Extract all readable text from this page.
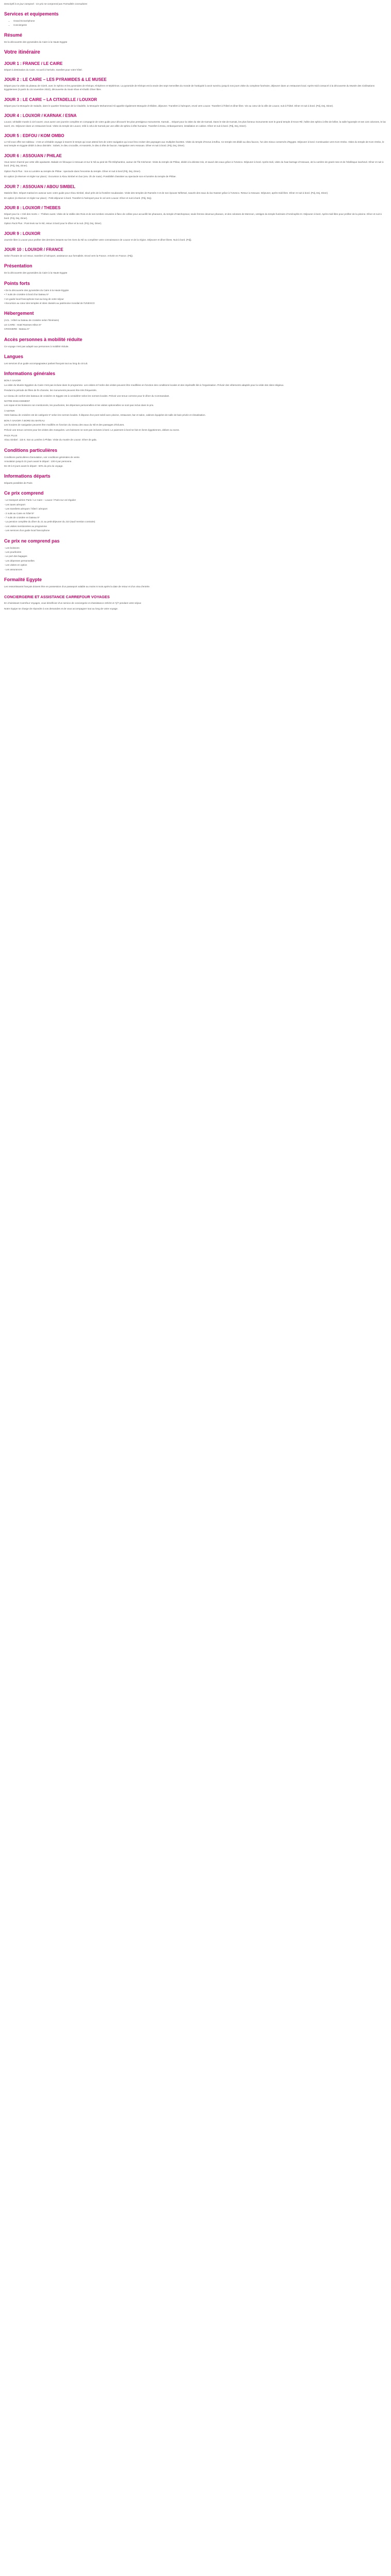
Descriptif à ce jour composé : Ce prix ne comprend pas Formalités Consulaires
Services et equipements
• Grand Ecran/Iphone
• Conciergerie
Résumé
De la découverte des pyramides du Caire à la Haute Egypte
Votre itinéraire
JOUR 1 : FRANCE / LE CAIRE
Départ à destination du Caire. Accueil à l'arrivée, transfert pour votre hôtel.
JOUR 2 : LE CAIRE – LES PYRAMIDES & LE MUSEE
Départ pour la visite du plateau de Gizeh, avec le Sphinx et les pyramides de Khéops, Khéphren et Mykérinos. La pyramide de Khéops est la seule des sept merveilles du monde de l'antiquité à avoir survécu jusqu'à nos jours visite du complexe funéraire, déjeuner dans un restaurant local. Après-midi consacré à la découverte du Musée des Civilisations Egyptiennes (à partir du 15 novembre 2022), découverte du Souk Khan el Khalili. Dîner libre.
JOUR 3 : LE CAIRE – LA CITADELLE / LOUXOR
Départ pour la Mosquée de Saladin, dans le quartier historique de la Citadelle, la Mosquée Mohammed Ali appelée également Mosquée d'Albâtre, déjeuner. Transfert à l'aéroport, envol vers Louxor. Transfert à l'hôtel et dîner libre. Vie au cœur de la ville de Louxor, nuit à l'hôtel. Dîner et nuit à bord. (Pdj, Dej, Diner).
JOUR 4 : LOUXOR / KARNAK / ESNA
Louxor, véritable musée à ciel ouvert, vous aurez une journée complète en compagnie de votre guide pour découvrir les plus prestigieux monuments. Karnak… Départ pour la visite du site de Karnak. Dans le site de Karnak, les plus fameux monuments sont le grand temple d'Amon-Rê, l'allée des sphinx à tête de bélier, la salle hypostyle et ses 134 colonnes, le lac sacré, etc. Déjeuner dans un restaurant local. Visite du temple de Louxor, relié à celui de Karnak par une allée de sphinx à tête humaine. Transfert à Esna, embarquement, installation en cabine. Dîner et nuit à bord. (Pdj, Dej, Diner).
JOUR 5 : EDFOU / KOM OMBO
Le Nil vous offre son tableau : c'est un véritable voyage à travers le temps qui vous attend lors de votre navigation qui vous fera croiser des paysages aux multiples facettes. Visite du temple d'Horus à Edfou. Ce temple est dédié au dieu faucon, l'un des mieux conservés d'Egypte. Déjeuner à bord. Continuation vers Kom Ombo. Visite du temple de Kom Ombo, le seul temple en Egypte dédié à deux divinités : Sobek, le dieu crocodile, et Haroëris, le dieu à tête de faucon. Navigation vers Assouan. Dîner et nuit à bord. (Pdj, Dej, Diner).
JOUR 6 : ASSOUAN / PHILAE
Vous serez charmé par cette ville apaisante. Balade en felouque à Assouan et sur le Nil au pied de l'île Eléphantine, autour de l'île Kitchener. Visite du temple de Philae, dédié à la déesse Isis, et sauvé des eaux grâce à l'Unesco. Déjeuner à bord. Après-midi, visite du haut barrage d'Assouan, de la carrière de granit rose et de l'obélisque inachevé. Dîner et nuit à bord. (Pdj, Dej, Diner).
Option Pack Plus : Son & Lumière au temple de Philae : spectacle dans l'enceinte du temple. Dîner et nuit à bord (Pdj, Dej, Diner).
En option (à réserver et régler sur place) : Excursion à Abou Simbel en bus (env. 3h de route). Possibilité d'assister au spectacle son et lumière du temple de Philae.
JOUR 7 : ASSOUAN / ABOU SIMBEL
Matinée libre. Départ matinal en autocar avec votre guide pour Abou Simbel, situé près de la frontière soudanaise. Visite des temples de Ramsès II et de son épouse Néfertari, sauvés des eaux du lac Nasser grâce à l'Unesco. Retour à Assouan. Déjeuner, après-midi libre. Dîner et nuit à bord. (Pdj, Dej, Diner).
En option (à réserver et régler sur place) : Petit-déjeuner à bord. Transfert à l'aéroport pour le vol vers Louxor. Dîner et nuit à bord. (Pdj, Dej).
JOUR 8 : LOUXOR / THEBES
Départ pour la « Cité des morts » : Thèbes ouest. Visite de la Vallée des Rois et de ses tombes creusées à flanc de colline pour accueillir les pharaons, du temple d'Hatchepsout, seule femme devenue pharaon, et des colosses de Memnon, vestiges du temple funéraire d'Aménophis III. Déjeuner à bord. Après-midi libre pour profiter de la piscine. Dîner et nuit à bord. (Pdj, Dej, Diner).
Option Pack Plus : Pont-levis sur le Nil, retour à bord pour le dîner et la nuit. (Pdj, Dej, Diner).
JOUR 9 : LOUXOR
Journée libre à Louxor pour profiter des derniers instants sur les rives du Nil ou compléter votre connaissance de Louxor et de la région. Déjeuner et dîner libres. Nuit à bord. (Pdj).
JOUR 10 : LOUXOR / FRANCE
Selon l'horaire de vol retour, transfert à l'aéroport, assistance aux formalités. Envol vers la France. Arrivée en France. (Pdj).
Présentation
De la découverte des pyramides du Caire à la Haute Egypte
Points forts
• De la découverte des pyramides du Caire à la Haute Egypte
• 7 nuits de croisière à bord d'un bateau 5*
• Un guide local francophone tout au long de votre séjour
• Excursion au cœur des temples et sites classés au patrimoine mondial de l'UNESCO
Hébergement
(ACL : Hôtel ou bateau de croisière selon l'itinéraire)
LE CAIRE : Hotel Ramses Hilton 5*
CROISIERE : Bateau 5*
Accès personnes à mobilité réduite
Ce voyage n'est pas adapté aux personnes à mobilité réduite.
Langues
Les services d'un guide accompagnateur parlant français tout au long du circuit.
Informations générales
BON À SAVOIR
La visite du Musée Egyptien du Caire n'est pas incluse dans le programme. Les visites et l'ordre des visites peuvent être modifiées en fonction des conditions locales et des impératifs liés à l'organisation. Prévoir des vêtements adaptés pour la visite des sites religieux.
Pendant la période de fêtes de fin d'année, les monuments peuvent être très fréquentés.
Le niveau de confort des bateaux de croisière en Egypte est à considérer selon les normes locales. Prévoir une tenue correcte pour le dîner du Commandant.
NOTRE ENGAGEMENT
Les repas et les boissons non mentionnés, les pourboires, les dépenses personnelles et les visites optionnelles ne sont pas inclus dans le prix.
À NOTER
Votre bateau de croisière est de catégorie 5* selon les normes locales. Il dispose d'un pont soleil avec piscine, restaurant, bar et salon, cabines équipées de salle de bain privée et climatisation.
BON À SAVOIR À BORD DU BATEAU
Les horaires de navigation peuvent être modifiés en fonction du niveau des eaux du Nil et des passages d'écluses.
Prévoir une tenue correcte pour les visites des mosquées. Les boissons ne sont pas incluses à bord. Le paiement à bord se fait en livres égyptiennes, dollars ou euros.
PACK PLUS
Abou Simbel : 115 €. Son & Lumière à Philae. Visite du musée de Louxor. Dîner de gala.
Conditions particulières
Conditions particulières d'annulation, voir conditions générales de vente.
Annulation jusqu'à 31 jours avant le départ : 100 € par personne.
De 30 à 8 jours avant le départ : 50% du prix du voyage.
Informations départs
Départs possibles de Paris
Ce prix comprend
- Le transport aérien Paris / Le Caire – Louxor / Paris sur vol régulier
- Les taxes aéroport
- Les transferts aéroport / hôtel / aéroport
- 2 nuits au Caire en hôtel 5*
- 7 nuits de croisière en bateau 5*
- La pension complète du dîner du J1 au petit-déjeuner du J10 (sauf mention contraire)
- Les visites mentionnées au programme
- Les services d'un guide local francophone
Ce prix ne comprend pas
- Les boissons
- Les pourboires
- Le port des bagages
- Les dépenses personnelles
- Les visites en option
- Les assurances
Formalité Egypte
Les ressortissants français doivent être en possession d'un passeport valable au moins 6 mois après la date de retour et d'un visa d'entrée.
CONCIERGERIE ET ASSISTANCE CARREFOUR VOYAGES
En choisissant Carrefour Voyages, vous bénéficiez d'un service de conciergerie et d'assistance 24h/24 et 7j/7 pendant votre séjour.
Notre équipe se charge de répondre à vos demandes et de vous accompagner tout au long de votre voyage.
